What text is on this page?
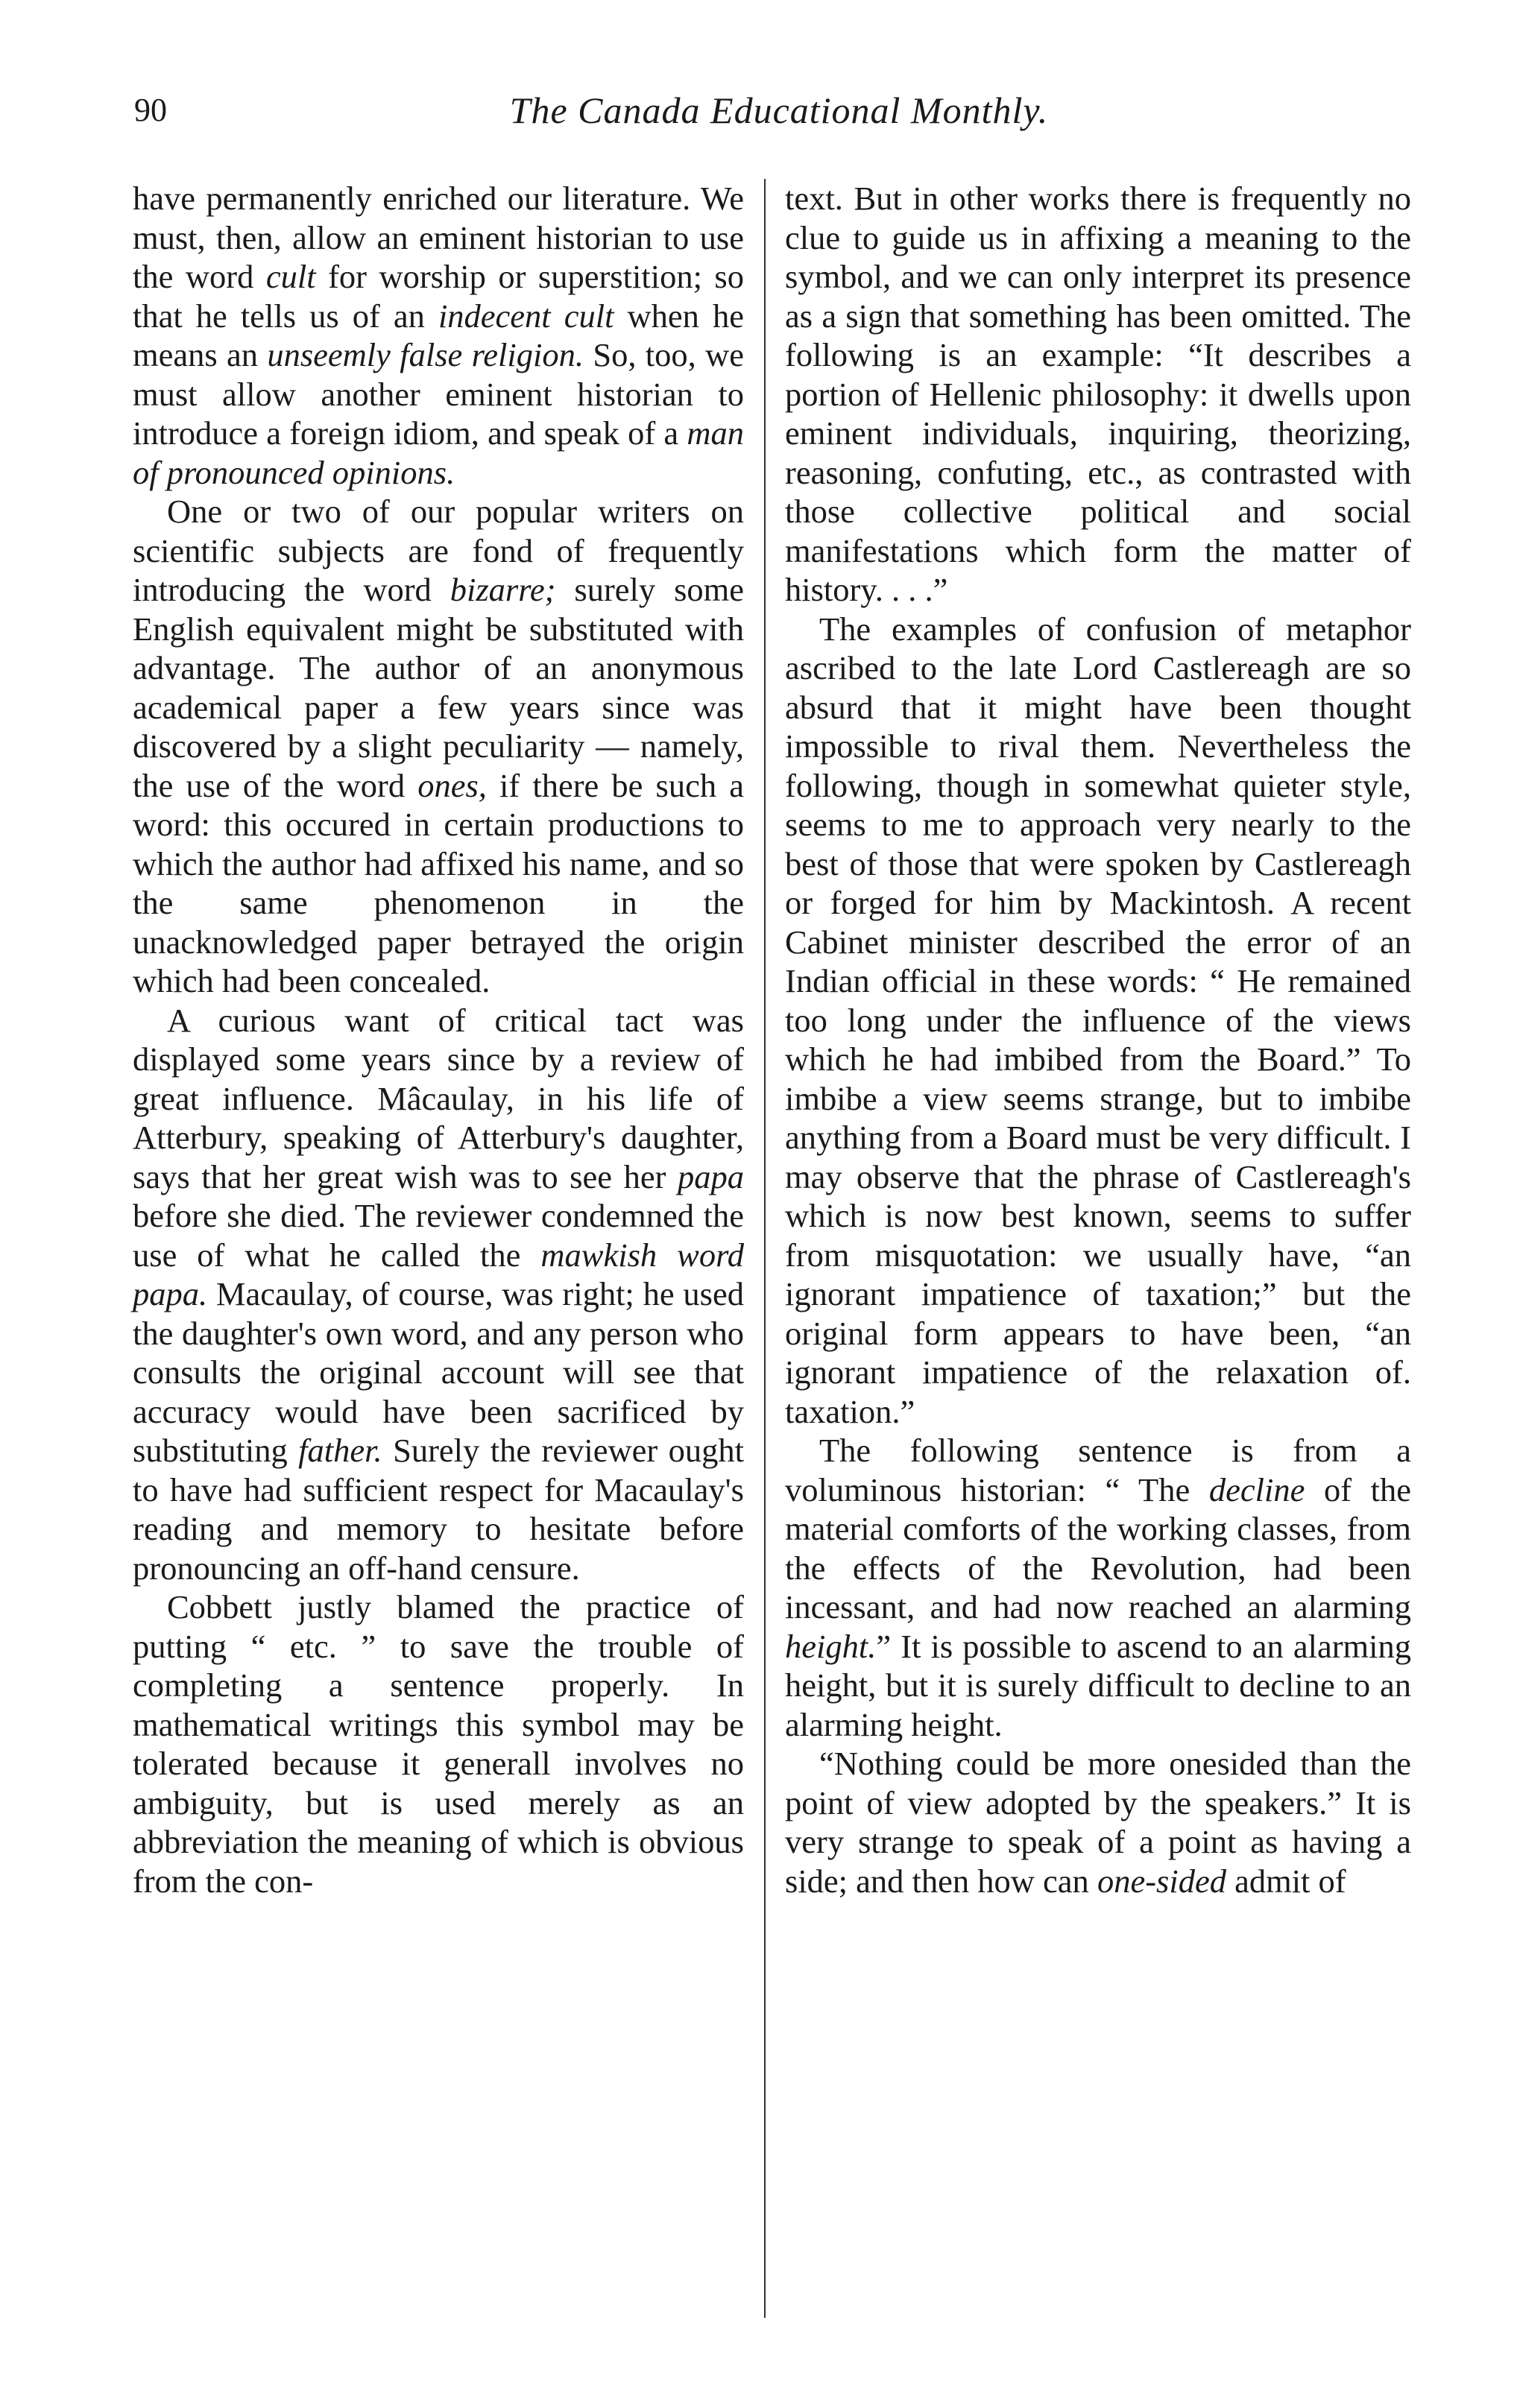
90	The Canada Educational Monthly.

have permanently enriched our literature. We must, then, allow an eminent historian to use the word cult for worship or superstition; so that he tells us of an indecent cult when he means an unseemly false religion. So, too, we must allow another eminent historian to introduce a foreign idiom, and speak of a man of pronounced opinions.

One or two of our popular writers on scientific subjects are fond of frequently introducing the word bizarre; surely some English equivalent might be substituted with advantage. The author of an anonymous academical paper a few years since was discovered by a slight peculiarity — namely, the use of the word ones, if there be such a word: this occured in certain productions to which the author had affixed his name, and so the same phenomenon in the unacknowledged paper betrayed the origin which had been concealed.

A curious want of critical tact was displayed some years since by a review of great influence. Mâcaulay, in his life of Atterbury, speaking of Atterbury's daughter, says that her great wish was to see her papa before she died. The reviewer condemned the use of what he called the mawkish word papa. Macaulay, of course, was right; he used the daughter's own word, and any person who consults the original account will see that accuracy would have been sacrificed by substituting father. Surely the reviewer ought to have had sufficient respect for Macaulay's reading and memory to hesitate before pronouncing an off-hand censure.

Cobbett justly blamed the practice of putting “ etc. ” to save the trouble of completing a sentence properly. In mathematical writings this symbol may be tolerated because it generall involves no ambiguity, but is used merely as an abbreviation the meaning of which is obvious from the con-

text. But in other works there is frequently no clue to guide us in affixing a meaning to the symbol, and we can only interpret its presence as a sign that something has been omitted. The following is an example: “It describes a portion of Hellenic philosophy: it dwells upon eminent individuals, inquiring, theorizing, reasoning, confuting, etc., as contrasted with those collective political and social manifestations which form the matter of history. . . .”

The examples of confusion of metaphor ascribed to the late Lord Castlereagh are so absurd that it might have been thought impossible to rival them. Nevertheless the following, though in somewhat quieter style, seems to me to approach very nearly to the best of those that were spoken by Castlereagh or forged for him by Mackintosh. A recent Cabinet minister described the error of an Indian official in these words: “ He remained too long under the influence of the views which he had imbibed from the Board.” To imbibe a view seems strange, but to imbibe anything from a Board must be very difficult. I may observe that the phrase of Castlereagh's which is now best known, seems to suffer from misquotation: we usually have, “an ignorant impatience of taxation;” but the original form appears to have been, “an ignorant impatience of the relaxation of. taxation.”

The following sentence is from a voluminous historian: “ The decline of the material comforts of the working classes, from the effects of the Revolution, had been incessant, and had now reached an alarming height.” It is possible to ascend to an alarming height, but it is surely difficult to decline to an alarming height.

“Nothing could be more onesided than the point of view adopted by the speakers.” It is very strange to speak of a point as having a side; and then how can one-sided admit of
